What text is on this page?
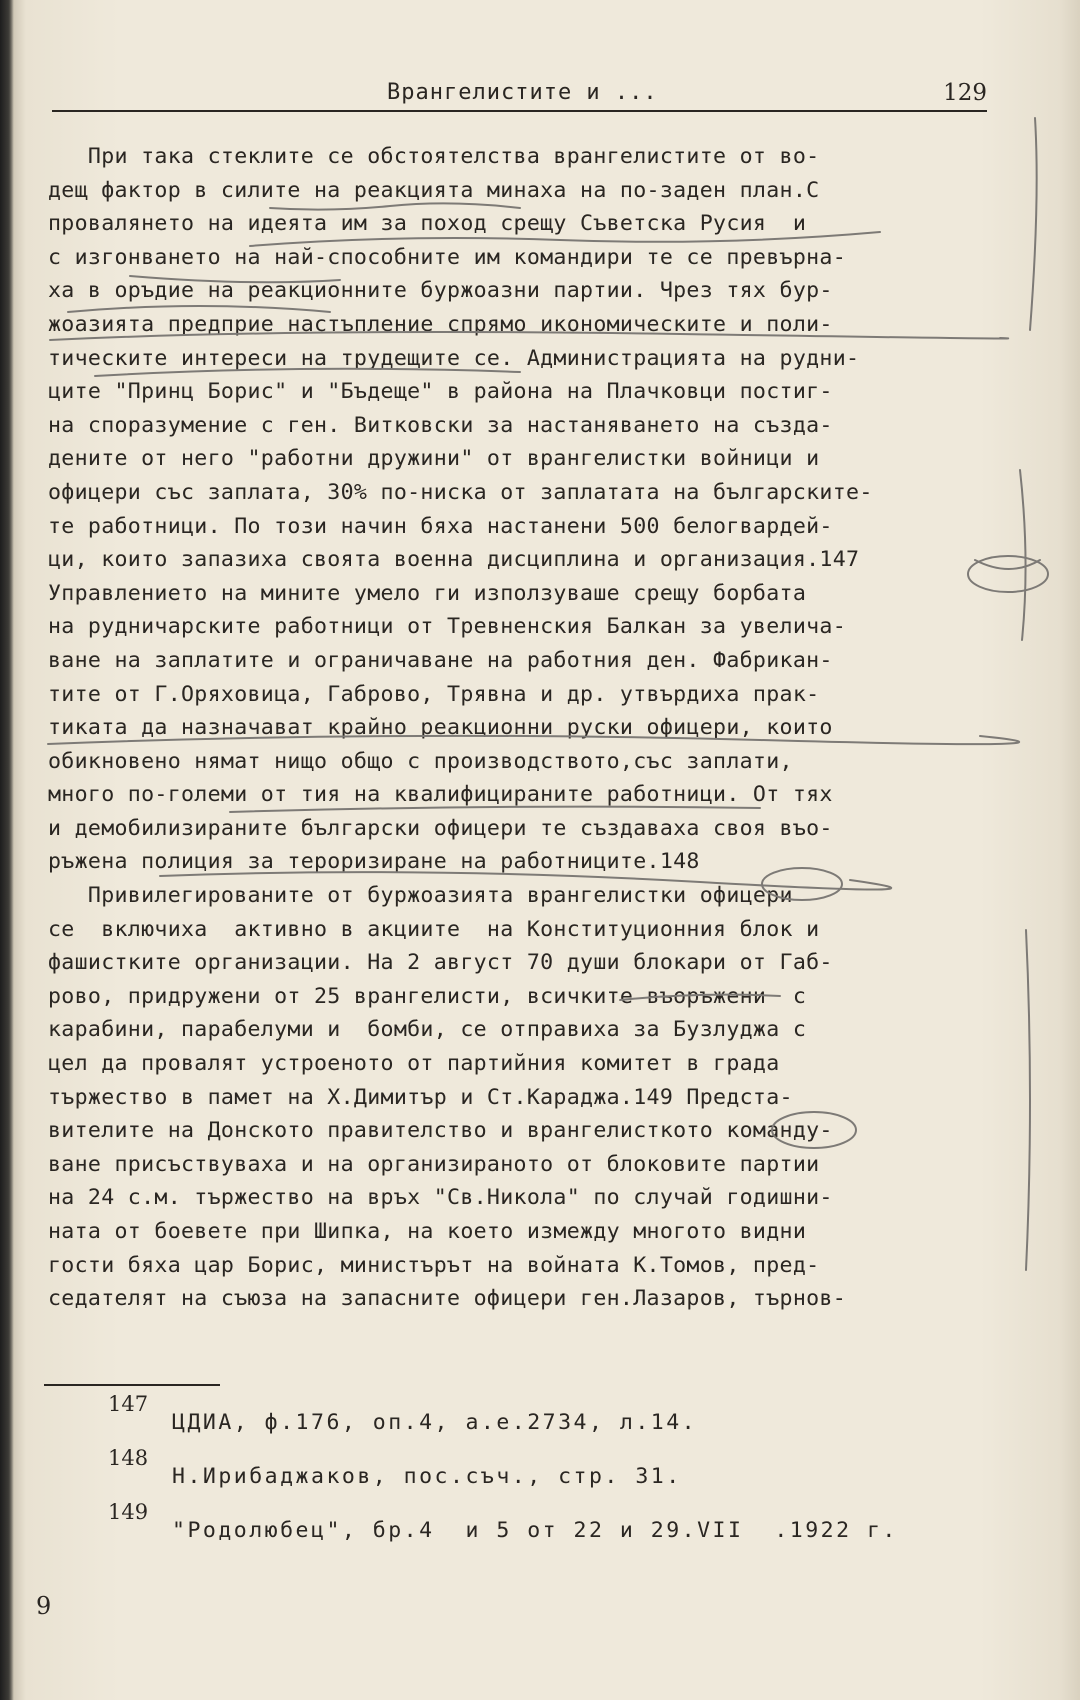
Врангелистите и ...	129
При така стеклите се обстоятелства врангелистите от во-
дещ фактор в силите на реакцията минаха на по-заден план.С
провалянето на идеята им за поход срещу Съветска Русия  и
с изгонването на най-способните им командири те се превърна-
ха в оръдие на реакционните буржоазни партии. Чрез тях бур-
жоазията предприе настъпление спрямо икономическите и поли-
тическите интереси на трудещите се. Администрацията на рудни-
ците "Принц Борис" и "Бъдеще" в района на Плачковци постиг-
на споразумение с ген. Витковски за настаняването на създа-
дените от него "работни дружини" от врангелистки войници и
офицери със заплата, 30% по-ниска от заплатата на българските-
те работници. По този начин бяха настанени 500 белогвардей-
ци, които запазиха своята военна дисциплина и организация.147
Управлението на мините умело ги използуваше срещу борбата
на рудничарските работници от Тревненския Балкан за увелича-
ване на заплатите и ограничаване на работния ден. Фабрикан-
тите от Г.Оряховица, Габрово, Трявна и др. утвърдиха прак-
тиката да назначават крайно реакционни руски офицери, които
обикновено нямат нищо общо с производството,със заплати,
много по-големи от тия на квалифицираните работници. От тях
и демобилизираните български офицери те създаваха своя въо-
ръжена полиция за тероризиране на работниците.148
Привилегированите от буржоазията врангелистки офицери
се  включиха  активно в акциите  на Конституционния блок и
фашистките организации. На 2 август 70 души блокари от Габ-
рово, придружени от 25 врангелисти, всичките въоръжени  с
карабини, парабелуми и  бомби, се отправиха за Бузлуджа с
цел да провалят устроеното от партийния комитет в града
тържество в памет на Х.Димитър и Ст.Караджа.149 Предста-
вителите на Донското правителство и врангелисткото команду-
ване присъствуваха и на организираното от блоковите партии
на 24 с.м. тържество на връх "Св.Никола" по случай годишни-
ната от боевете при Шипка, на което измежду многото видни
гости бяха цар Борис, министърът на войната К.Томов, пред-
седателят на съюза на запасните офицери ген.Лазаров, търнов-
147
ЦДИА, ф.176, оп.4, а.е.2734, л.14.
148
Н.Ирибаджаков, пос.съч., стр. 31.
149
"Родолюбец", бр.4  и 5 от 22 и 29.VII  .1922 г.
9
